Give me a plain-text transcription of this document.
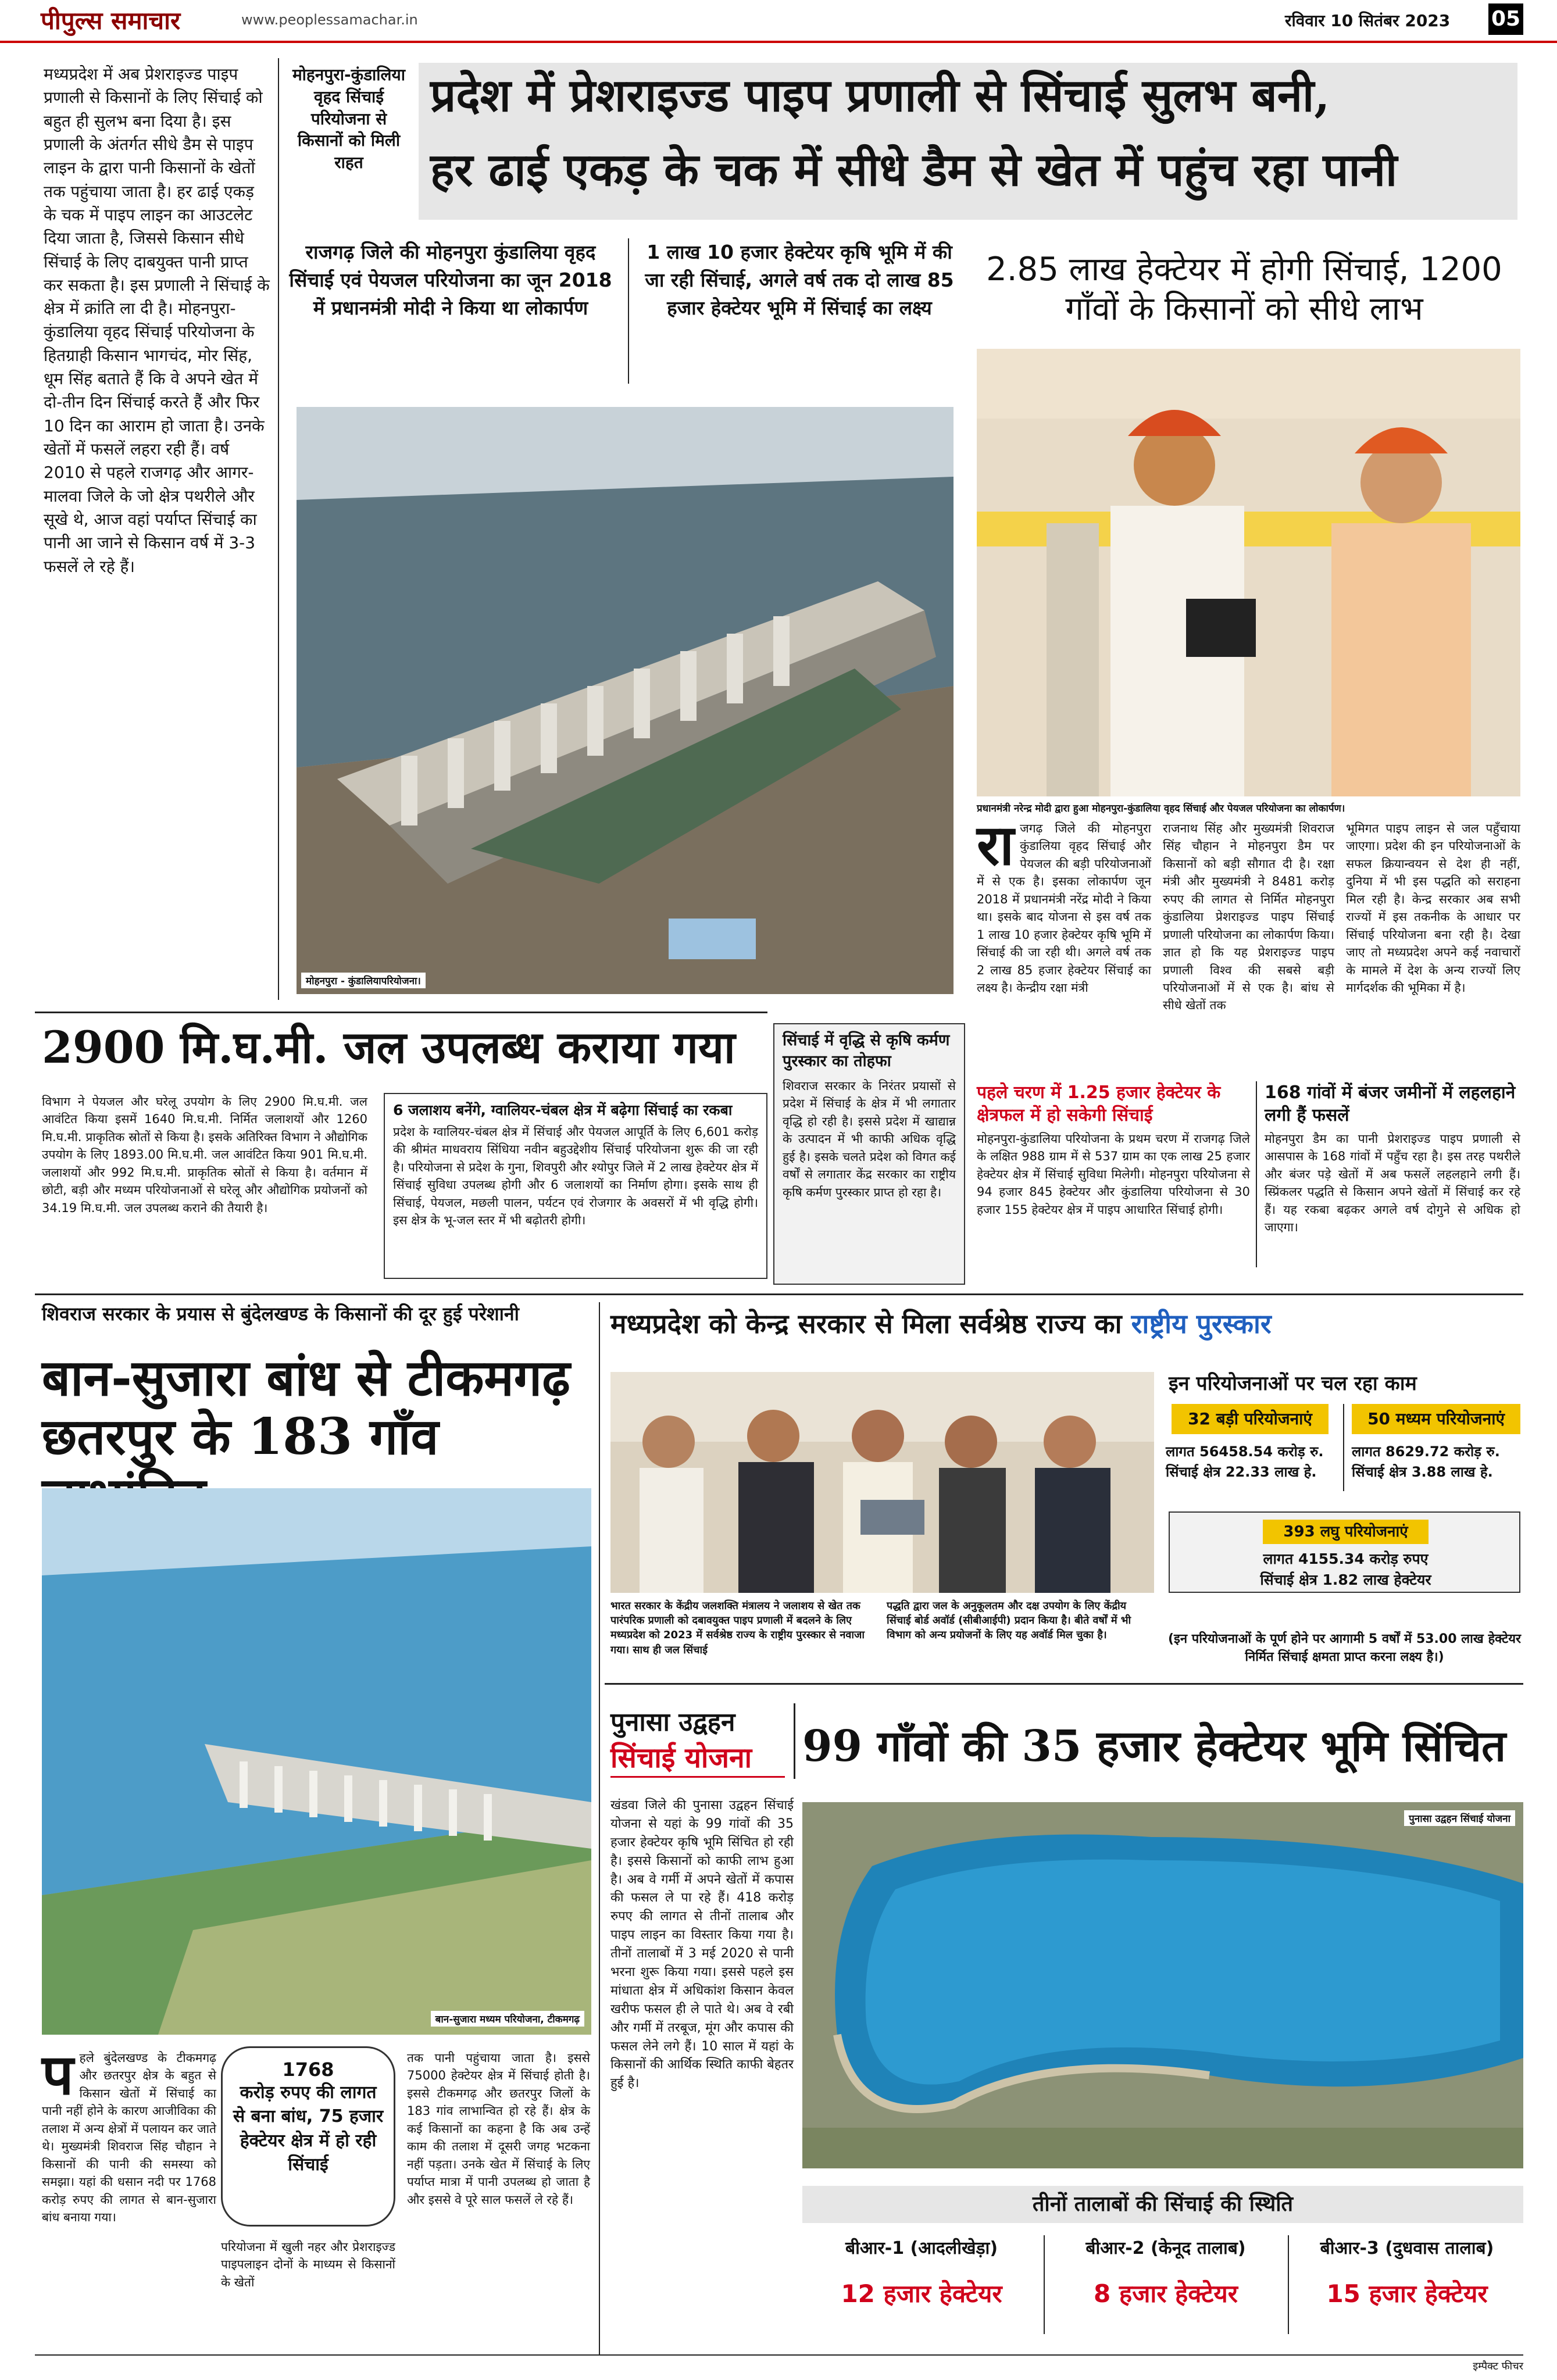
पीपुल्स समाचार	www.peoplessamachar.in	रविवार 10 सितंबर 2023 05
मध्यप्रदेश में अब प्रेशराइज्ड पाइप प्रणाली से किसानों के लिए सिंचाई को बहुत ही सुलभ बना दिया है। इस प्रणाली के अंतर्गत सीधे डैम से पाइप लाइन के द्वारा पानी किसानों के खेतों तक पहुंचाया जाता है। हर ढाई एकड़ के चक में पाइप लाइन का आउटलेट दिया जाता है, जिससे किसान सीधे सिंचाई के लिए दाबयुक्त पानी प्राप्त कर सकता है। इस प्रणाली ने सिंचाई के क्षेत्र में क्रांति ला दी है। मोहनपुरा-कुंडालिया वृहद सिंचाई परियोजना के हितग्राही किसान भागचंद, मोर सिंह, धूम सिंह बताते हैं कि वे अपने खेत में दो-तीन दिन सिंचाई करते हैं और फिर 10 दिन का आराम हो जाता है। उनके खेतों में फसलें लहरा रही हैं। वर्ष 2010 से पहले राजगढ़ और आगर-मालवा जिले के जो क्षेत्र पथरीले और सूखे थे, आज वहां पर्याप्त सिंचाई का पानी आ जाने से किसान वर्ष में 3-3 फसलें ले रहे हैं।
मोहनपुरा-कुंडालिया वृहद सिंचाई परियोजना से किसानों को मिली राहत
प्रदेश में प्रेशराइज्ड पाइप प्रणाली से सिंचाई सुलभ बनी,
हर ढाई एकड़ के चक में सीधे डैम से खेत में पहुंच रहा पानी
राजगढ़ जिले की मोहनपुरा कुंडालिया वृहद सिंचाई एवं पेयजल परियोजना का जून 2018 में प्रधानमंत्री मोदी ने किया था लोकार्पण
1 लाख 10 हजार हेक्टेयर कृषि भूमि में की जा रही सिंचाई, अगले वर्ष तक दो लाख 85 हजार हेक्टेयर भूमि में सिंचाई का लक्ष्य
2.85 लाख हेक्टेयर में होगी सिंचाई, 1200 गाँवों के किसानों को सीधे लाभ
मोहनपुरा - कुंडालियापरियोजना।
प्रधानमंत्री नरेन्द्र मोदी द्वारा हुआ मोहनपुरा-कुंडालिया वृहद सिंचाई और पेयजल परियोजना का लोकार्पण।
राजगढ़ जिले की मोहनपुरा कुंडालिया वृहद सिंचाई और पेयजल की बड़ी परियोजनाओं में से एक है। इसका लोकार्पण जून 2018 में प्रधानमंत्री नरेंद्र मोदी ने किया था। इसके बाद योजना से इस वर्ष तक 1 लाख 10 हजार हेक्टेयर कृषि भूमि में सिंचाई की जा रही थी। अगले वर्ष तक 2 लाख 85 हजार हेक्टेयर सिंचाई का लक्ष्य है। केन्द्रीय रक्षा मंत्री
राजनाथ सिंह और मुख्यमंत्री शिवराज सिंह चौहान ने मोहनपुरा डैम पर किसानों को बड़ी सौगात दी है। रक्षा मंत्री और मुख्यमंत्री ने 8481 करोड़ रुपए की लागत से निर्मित मोहनपुरा कुंडालिया प्रेशराइज्ड पाइप सिंचाई प्रणाली परियोजना का लोकार्पण किया। ज्ञात हो कि यह प्रेशराइज्ड पाइप प्रणाली विश्व की सबसे बड़ी परियोजनाओं में से एक है। बांध से सीधे खेतों तक
भूमिगत पाइप लाइन से जल पहुँचाया जाएगा। प्रदेश की इन परियोजनाओं के सफल क्रियान्वयन से देश ही नहीं, दुनिया में भी इस पद्धति को सराहना मिल रही है। केन्द्र सरकार अब सभी राज्यों में इस तकनीक के आधार पर सिंचाई परियोजना बना रही है। देखा जाए तो मध्यप्रदेश अपने कई नवाचारों के मामले में देश के अन्य राज्यों लिए मार्गदर्शक की भूमिका में है।
2900 मि.घ.मी. जल उपलब्ध कराया गया
विभाग ने पेयजल और घरेलू उपयोग के लिए 2900 मि.घ.मी. जल आवंटित किया इसमें 1640 मि.घ.मी. निर्मित जलाशयों और 1260 मि.घ.मी. प्राकृतिक स्रोतों से किया है। इसके अतिरिक्त विभाग ने औद्योगिक उपयोग के लिए 1893.00 मि.घ.मी. जल आवंटित किया 901 मि.घ.मी. जलाशयों और 992 मि.घ.मी. प्राकृतिक स्रोतों से किया है। वर्तमान में छोटी, बड़ी और मध्यम परियोजनाओं से घरेलू और औद्योगिक प्रयोजनों को 34.19 मि.घ.मी. जल उपलब्ध कराने की तैयारी है।
6 जलाशय बनेंगे, ग्वालियर-चंबल क्षेत्र में बढ़ेगा सिंचाई का रकबा
प्रदेश के ग्वालियर-चंबल क्षेत्र में सिंचाई और पेयजल आपूर्ति के लिए 6,601 करोड़ की श्रीमंत माधवराय सिंधिया नवीन बहुउद्देशीय सिंचाई परियोजना शुरू की जा रही है। परियोजना से प्रदेश के गुना, शिवपुरी और श्योपुर जिले में 2 लाख हेक्टेयर क्षेत्र में सिंचाई सुविधा उपलब्ध होगी और 6 जलाशयों का निर्माण होगा। इसके साथ ही सिंचाई, पेयजल, मछली पालन, पर्यटन एवं रोजगार के अवसरों में भी वृद्धि होगी। इस क्षेत्र के भू-जल स्तर में भी बढ़ोतरी होगी।
सिंचाई में वृद्धि से कृषि कर्मण पुरस्कार का तोहफा
शिवराज सरकार के निरंतर प्रयासों से प्रदेश में सिंचाई के क्षेत्र में भी लगातार वृद्धि हो रही है। इससे प्रदेश में खाद्यान्न के उत्पादन में भी काफी अधिक वृद्धि हुई है। इसके चलते प्रदेश को विगत कई वर्षों से लगातार केंद्र सरकार का राष्ट्रीय कृषि कर्मण पुरस्कार प्राप्त हो रहा है।
पहले चरण में 1.25 हजार हेक्टेयर के क्षेत्रफल में हो सकेगी सिंचाई
मोहनपुरा-कुंडालिया परियोजना के प्रथम चरण में राजगढ़ जिले के लक्षित 988 ग्राम में से 537 ग्राम का एक लाख 25 हजार हेक्टेयर क्षेत्र में सिंचाई सुविधा मिलेगी। मोहनपुरा परियोजना से 94 हजार 845 हेक्टेयर और कुंडालिया परियोजना से 30 हजार 155 हेक्टेयर क्षेत्र में पाइप आधारित सिंचाई होगी।
168 गांवों में बंजर जमीनों में लहलहाने लगी हैं फसलें
मोहनपुरा डैम का पानी प्रेशराइज्ड पाइप प्रणाली से आसपास के 168 गांवों में पहुँच रहा है। इस तरह पथरीले और बंजर पड़े खेतों में अब फसलें लहलहाने लगी हैं। स्प्रिंकलर पद्धति से किसान अपने खेतों में सिंचाई कर रहे हैं। यह रकबा बढ़कर अगले वर्ष दोगुने से अधिक हो जाएगा।
शिवराज सरकार के प्रयास से बुंदेलखण्ड के किसानों की दूर हुई परेशानी
बान-सुजारा बांध से टीकमगढ़ छतरपुर के 183 गाँव
बान-सुजारा मध्यम परियोजना, टीकमगढ़
पहले बुंदेलखण्ड के टीकमगढ़ और छतरपुर क्षेत्र के बहुत से किसान खेतों में सिंचाई का पानी नहीं होने के कारण आजीविका की तलाश में अन्य क्षेत्रों में पलायन कर जाते थे। मुख्यमंत्री शिवराज सिंह चौहान ने किसानों की पानी की समस्या को समझा। यहां की धसान नदी पर 1768 करोड़ रुपए की लागत से बान-सुजारा बांध बनाया गया।
1768
करोड़ रुपए की लागत से बना बांध, 75 हजार हेक्टेयर क्षेत्र में हो रही सिंचाई
परियोजना में खुली नहर और प्रेशराइज्ड पाइपलाइन दोनों के माध्यम से किसानों के खेतों
तक पानी पहुंचाया जाता है। इससे 75000 हेक्टेयर क्षेत्र में सिंचाई होती है। इससे टीकमगढ़ और छतरपुर जिलों के 183 गांव लाभान्वित हो रहे हैं। क्षेत्र के कई किसानों का कहना है कि अब उन्हें काम की तलाश में दूसरी जगह भटकना नहीं पड़ता। उनके खेत में सिंचाई के लिए पर्याप्त मात्रा में पानी उपलब्ध हो जाता है और इससे वे पूरे साल फसलें ले रहे हैं।
मध्यप्रदेश को केन्द्र सरकार से मिला सर्वश्रेष्ठ राज्य का राष्ट्रीय पुरस्कार
भारत सरकार के केंद्रीय जलशक्ति मंत्रालय ने जलाशय से खेत तक पारंपरिक प्रणाली को दबावयुक्त पाइप प्रणाली में बदलने के लिए मध्यप्रदेश को 2023 में सर्वश्रेष्ठ राज्य के राष्ट्रीय पुरस्कार से नवाजा गया। साथ ही जल सिंचाई
पद्धति द्वारा जल के अनुकूलतम और दक्ष उपयोग के लिए केंद्रीय सिंचाई बोर्ड अवॉर्ड (सीबीआईपी) प्रदान किया है। बीते वर्षों में भी विभाग को अन्य प्रयोजनों के लिए यह अवॉर्ड मिल चुका है।
इन परियोजनाओं पर चल रहा काम
32 बड़ी परियोजनाएं
लागत 56458.54 करोड़ रु.
सिंचाई क्षेत्र 22.33 लाख हे.
50 मध्यम परियोजनाएं
लागत 8629.72 करोड़ रु.
सिंचाई क्षेत्र 3.88 लाख हे.
393 लघु परियोजनाएं
लागत 4155.34 करोड़ रुपए
सिंचाई क्षेत्र 1.82 लाख हेक्टेयर
(इन परियोजनाओं के पूर्ण होने पर आगामी 5 वर्षों में 53.00 लाख हेक्टेयर निर्मित सिंचाई क्षमता प्राप्त करना लक्ष्य है।)
पुनासा उद्वहन
सिंचाई योजना	99 गाँवों की 35 हजार हेक्टेयर भूमि सिंचित
खंडवा जिले की पुनासा उद्वहन सिंचाई योजना से यहां के 99 गांवों की 35 हजार हेक्टेयर कृषि भूमि सिंचित हो रही है। इससे किसानों को काफी लाभ हुआ है। अब वे गर्मी में अपने खेतों में कपास की फसल ले पा रहे हैं। 418 करोड़ रुपए की लागत से तीनों तालाब और पाइप लाइन का विस्तार किया गया है। तीनों तालाबों में 3 मई 2020 से पानी भरना शुरू किया गया। इससे पहले इस मांधाता क्षेत्र में अधिकांश किसान केवल खरीफ फसल ही ले पाते थे। अब वे रबी और गर्मी में तरबूज, मूंग और कपास की फसल लेने लगे हैं। 10 साल में यहां के किसानों की आर्थिक स्थिति काफी बेहतर हुई है।
पुनासा उद्वहन सिंचाई योजना
तीनों तालाबों की सिंचाई की स्थिति
बीआर-1 (आदलीखेड़ा)
12 हजार हेक्टेयर
बीआर-2 (केनूद तालाब)
8 हजार हेक्टेयर
बीआर-3 (दुधवास तालाब)
15 हजार हेक्टेयर
इम्पैक्ट फीचर
